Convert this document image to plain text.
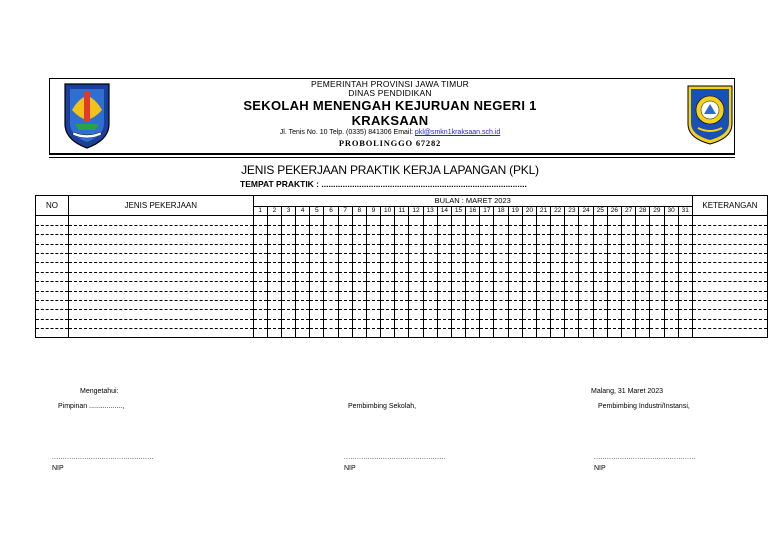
PEMERINTAH PROVINSI JAWA TIMUR
DINAS PENDIDIKAN
SEKOLAH MENENGAH KEJURUAN NEGERI 1
KRAKSAAN
Jl. Tenis No. 10 Telp. (0335) 841306 Email: pkl@smkn1kraksaan.sch.id
PROBOLINGGO 67282
JENIS PEKERJAAN PRAKTIK KERJA LAPANGAN (PKL)
TEMPAT PRAKTIK : .......................................................................................
NO	JENIS PEKERJAAN	BULAN : MARET 2023																															KETERANGAN
		1	2	3	4	5	6	7	8	9	10	11	12	13	14	15	16	17	18	19	20	21	22	23	24	25	26	27	28	29	30	31	

Mengetahui:
Pimpinan .................,
Malang, 31 Maret 2023
Pembimbing Sekolah,	Pembimbing Industri/Instansi,
...............................................	...............................................	...............................................
NIP	NIP	NIP
